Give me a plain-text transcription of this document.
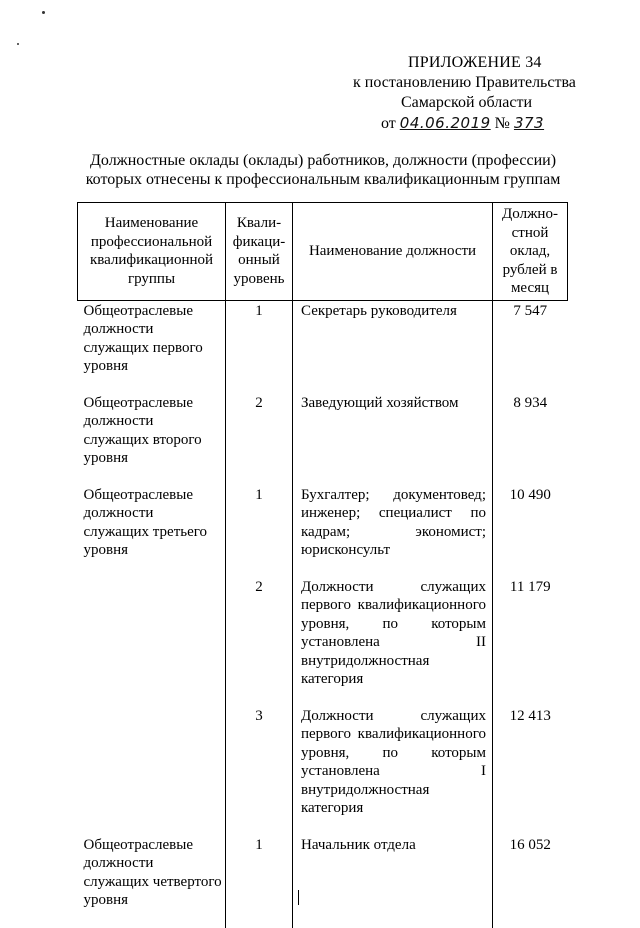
ПРИЛОЖЕНИЕ 34
к постановлению Правительства
Самарской области
от 04.06.2019 № 373
Должностные оклады (оклады) работников, должности (профессии)
которых отнесены к профессиональным квалификационным группам
Наименование профессиональной квалификационной группы	Квали-фикаци-онный уровень	Наименование должности	Должно-стной оклад, рублей в месяц
Общеотраслевые должности служащих первого уровня	1	Секретарь руководителя	7 547
Общеотраслевые должности служащих второго уровня	2	Заведующий хозяйством	8 934
Общеотраслевые должности служащих третьего уровня	1	Бухгалтер; документовед; инженер; специалист по кадрам; экономист; юрисконсульт	10 490
	2	Должности служащих первого квалификационного уровня, по которым установлена II внутридолжностная категория	11 179
	3	Должности служащих первого квалификационного уровня, по которым установлена I внутридолжностная категория	12 413
Общеотраслевые должности служащих четвертого уровня	1	Начальник отдела	16 052
